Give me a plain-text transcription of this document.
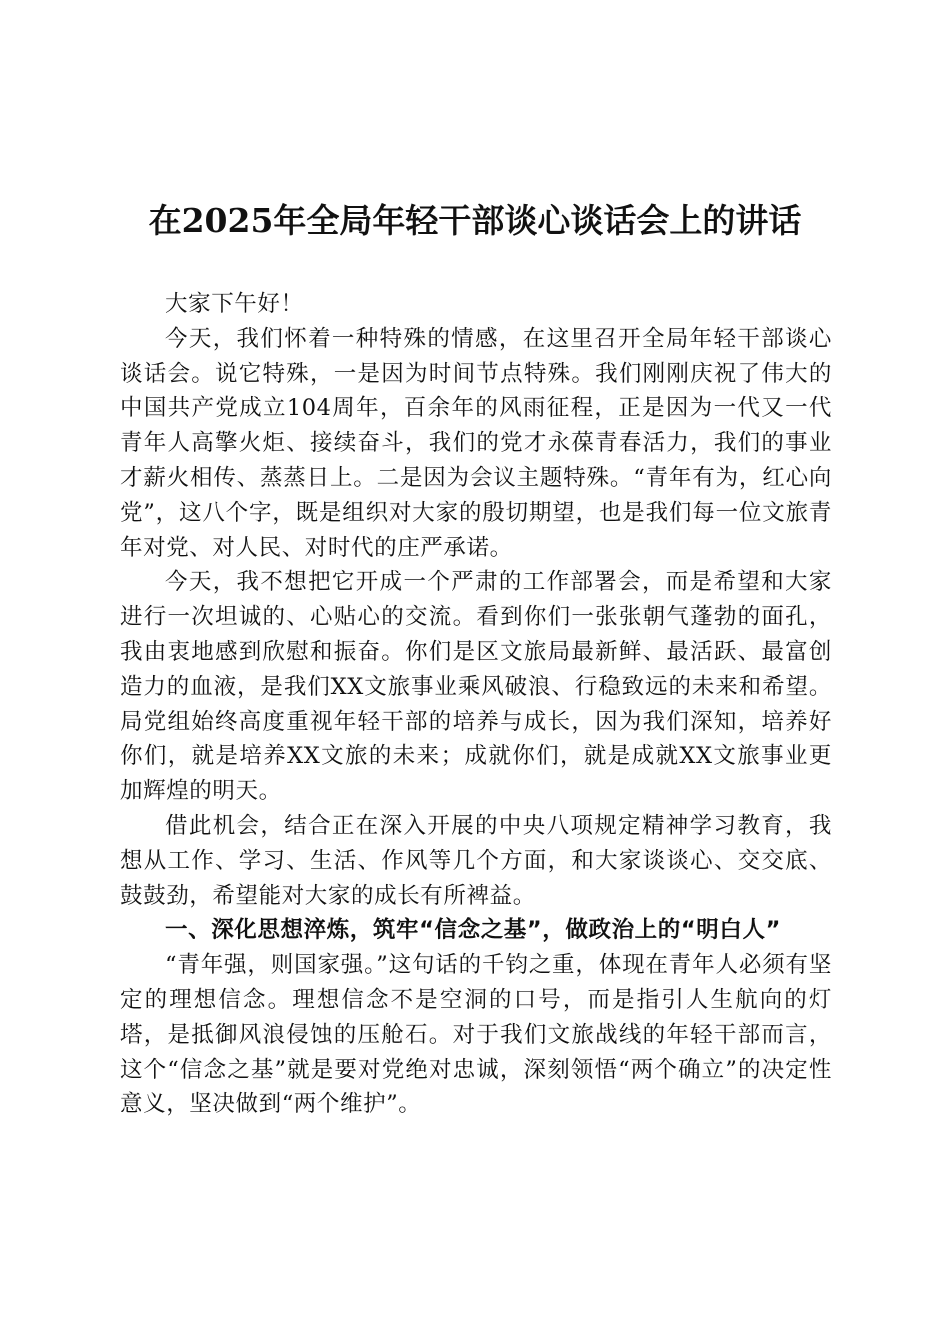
在2025年全局年轻干部谈心谈话会上的讲话

大家下午好！

今天，我们怀着一种特殊的情感，在这里召开全局年轻干部谈心谈话会。说它特殊，一是因为时间节点特殊。我们刚刚庆祝了伟大的中国共产党成立104周年，百余年的风雨征程，正是因为一代又一代青年人高擎火炬、接续奋斗，我们的党才永葆青春活力，我们的事业才薪火相传、蒸蒸日上。二是因为会议主题特殊。“青年有为，红心向党”，这八个字，既是组织对大家的殷切期望，也是我们每一位文旅青年对党、对人民、对时代的庄严承诺。

今天，我不想把它开成一个严肃的工作部署会，而是希望和大家进行一次坦诚的、心贴心的交流。看到你们一张张朝气蓬勃的面孔，我由衷地感到欣慰和振奋。你们是区文旅局最新鲜、最活跃、最富创造力的血液，是我们XX文旅事业乘风破浪、行稳致远的未来和希望。局党组始终高度重视年轻干部的培养与成长，因为我们深知，培养好你们，就是培养XX文旅的未来；成就你们，就是成就XX文旅事业更加辉煌的明天。

借此机会，结合正在深入开展的中央八项规定精神学习教育，我想从工作、学习、生活、作风等几个方面，和大家谈谈心、交交底、鼓鼓劲，希望能对大家的成长有所裨益。

一、深化思想淬炼，筑牢“信念之基”，做政治上的“明白人”

“青年强，则国家强。”这句话的千钧之重，体现在青年人必须有坚定的理想信念。理想信念不是空洞的口号，而是指引人生航向的灯塔，是抵御风浪侵蚀的压舱石。对于我们文旅战线的年轻干部而言，这个“信念之基”就是要对党绝对忠诚，深刻领悟“两个确立”的决定性意义，坚决做到“两个维护”。
